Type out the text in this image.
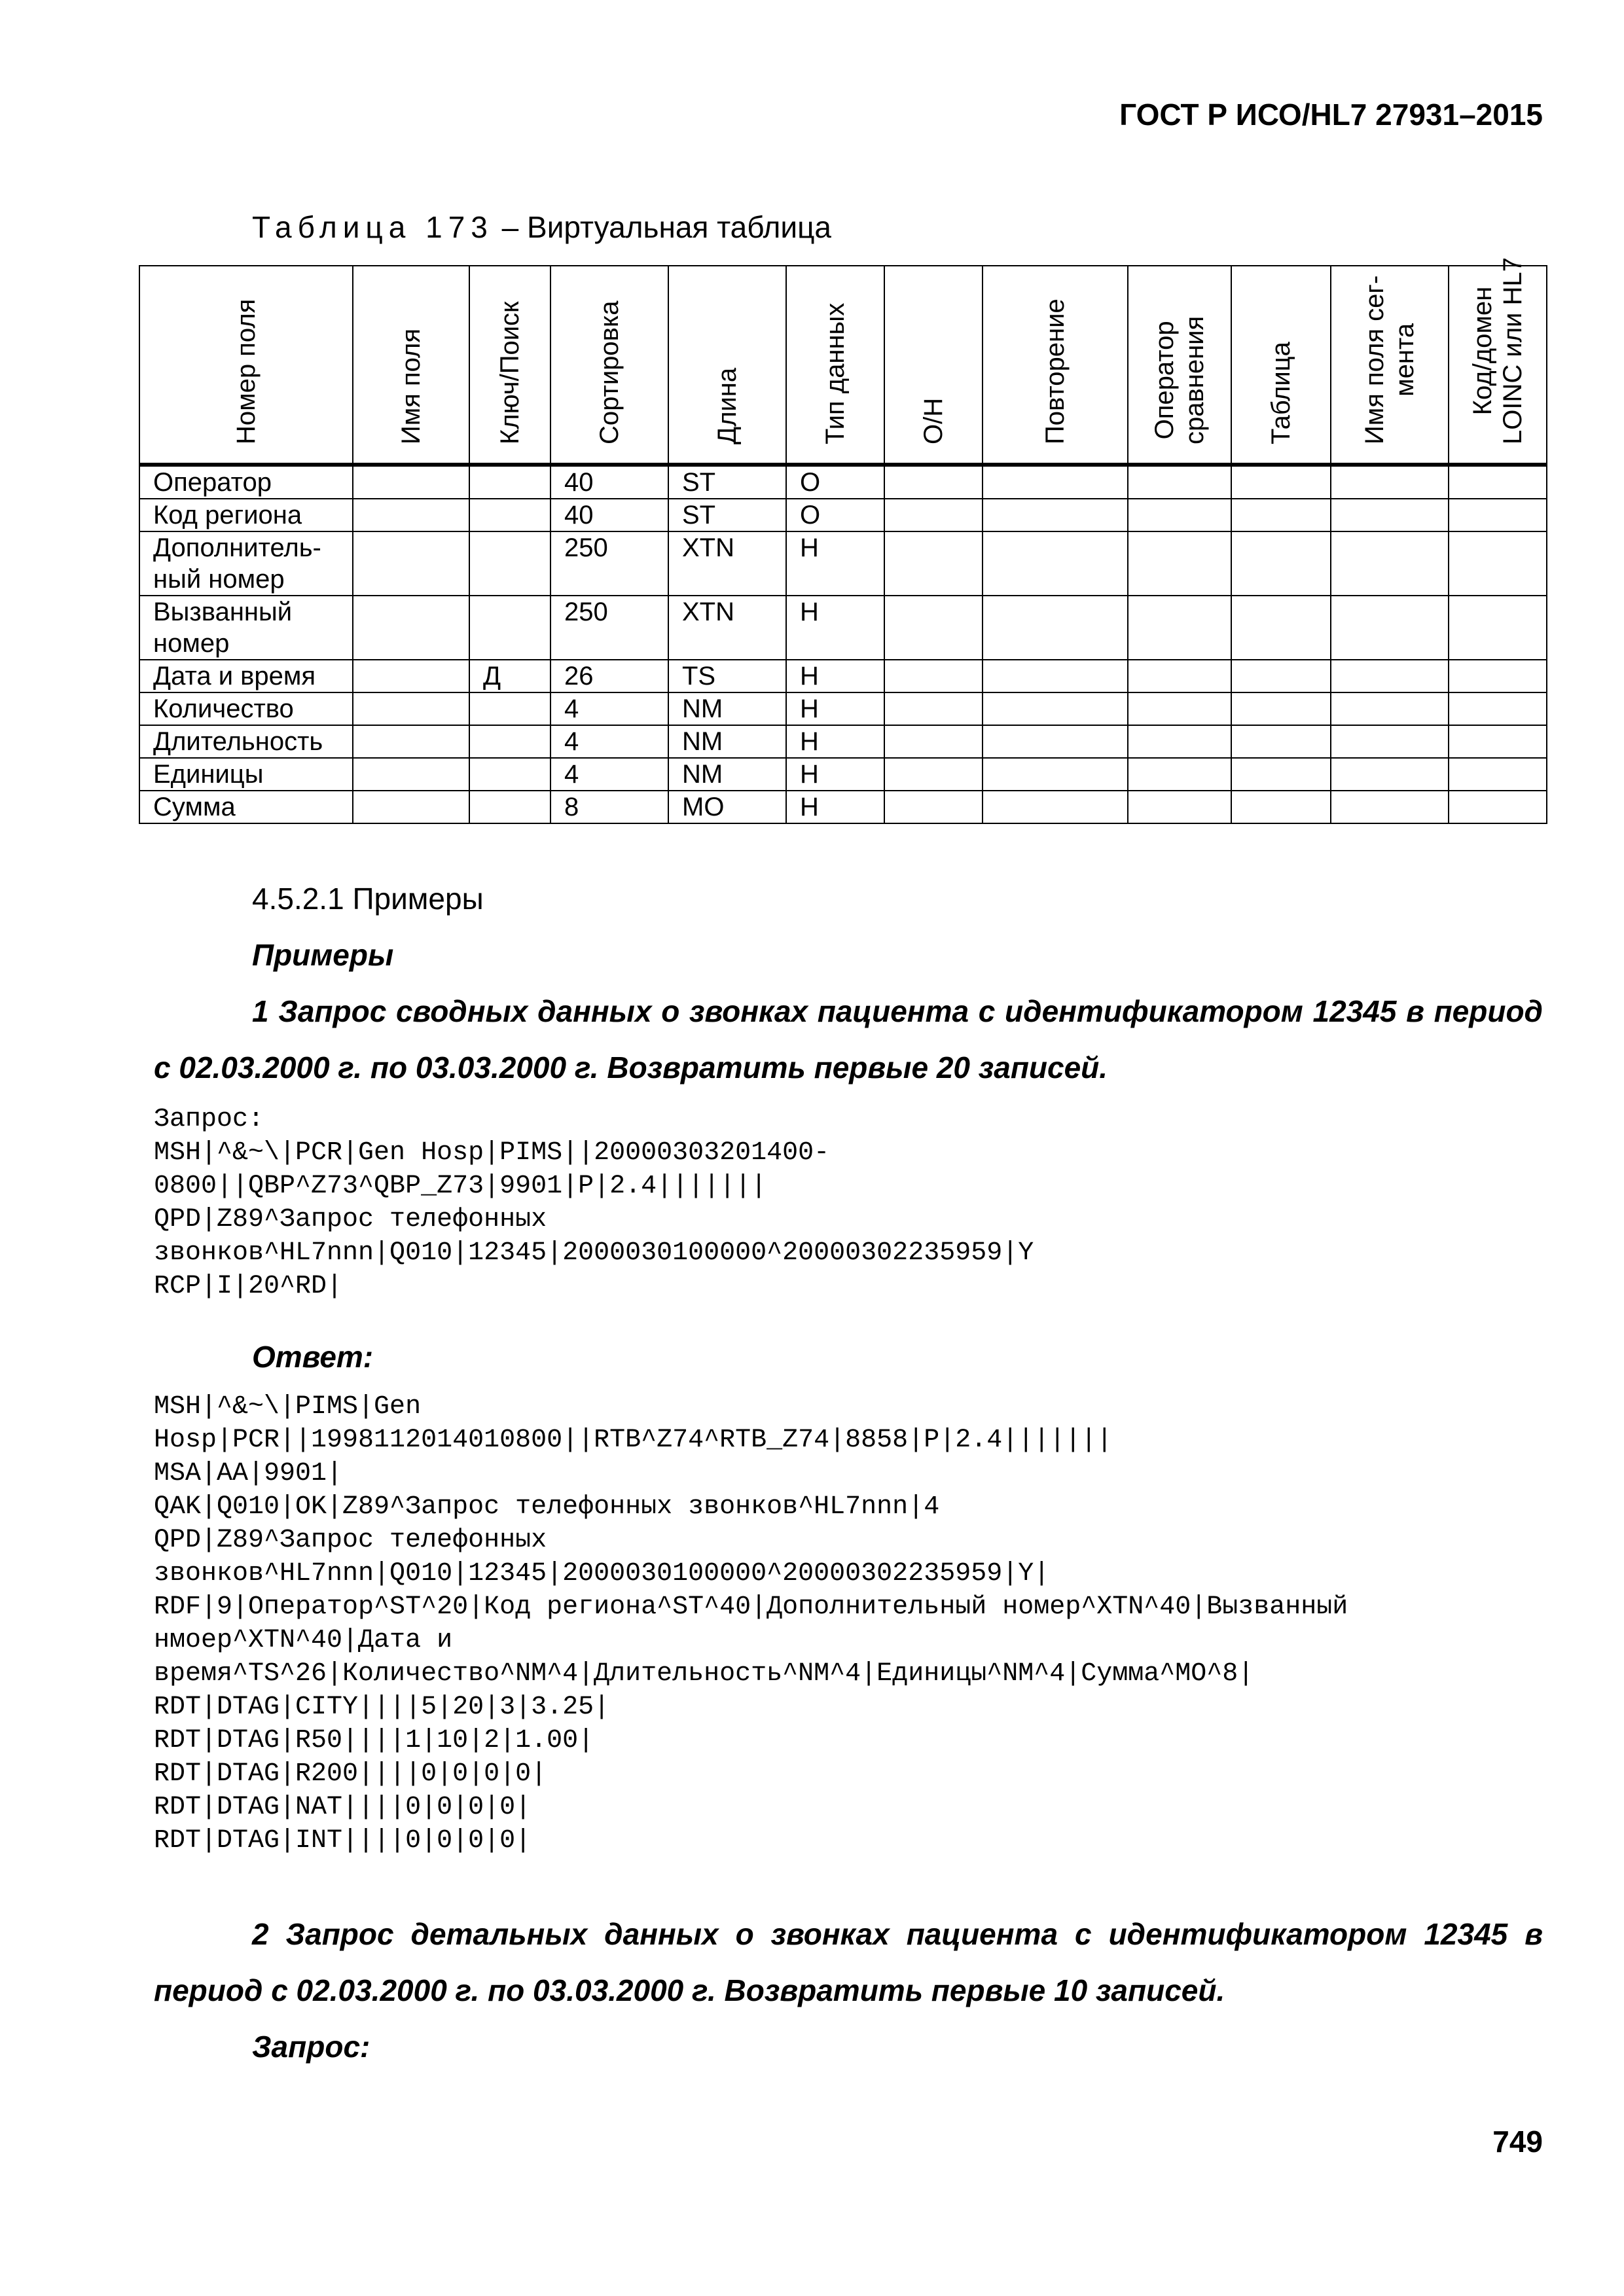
ГОСТ Р ИСО/HL7 27931–2015
Таблица 173 – Виртуальная таблица
Номер поля	Имя поля	Ключ/Поиск	Сортировка	Длина	Тип данных	О/Н	Повторение	Оператор
сравнения	Таблица	Имя поля сег-
мента	Код/домен
LOINC или HL7

Оператор			40	ST	О						
Код региона			40	ST	О						
Дополнитель-
ный номер			250	XTN	Н						
Вызванный
номер			250	XTN	Н						
Дата и время		Д	26	TS	Н						
Количество			4	NM	Н						
Длительность			4	NM	Н						
Единицы			4	NM	Н						
Сумма			8	MO	Н						
4.5.2.1 Примеры
Примеры
1 Запрос сводных данных о звонках пациента с идентификатором 12345 в период с 02.03.2000 г. по 03.03.2000 г. Возвратить первые 20 записей.
Запрос:
MSH|^&~\|PCR|Gen Hosp|PIMS||20000303201400-
0800||QBP^Z73^QBP_Z73|9901|P|2.4|||||||
QPD|Z89^Запрос телефонных
звонков^HL7nnn|Q010|12345|2000030100000^20000302235959|Y
RCP|I|20^RD|
Ответ:
MSH|^&~\|PIMS|Gen
Hosp|PCR||1998112014010800||RTB^Z74^RTB_Z74|8858|P|2.4|||||||
MSA|AA|9901|
QAK|Q010|OK|Z89^Запрос телефонных звонков^HL7nnn|4
QPD|Z89^Запрос телефонных
звонков^HL7nnn|Q010|12345|2000030100000^20000302235959|Y|
RDF|9|Оператор^ST^20|Код региона^ST^40|Дополнительный номер^XTN^40|Вызванный
нмоер^XTN^40|Дата и
время^TS^26|Количество^NM^4|Длительность^NM^4|Единицы^NM^4|Сумма^MO^8|
RDT|DTAG|CITY||||5|20|3|3.25|
RDT|DTAG|R50||||1|10|2|1.00|
RDT|DTAG|R200||||0|0|0|0|
RDT|DTAG|NAT||||0|0|0|0|
RDT|DTAG|INT||||0|0|0|0|
2 Запрос детальных данных о звонках пациента с идентификатором 12345 в период с 02.03.2000 г. по 03.03.2000 г. Возвратить первые 10 записей.
Запрос:
749
